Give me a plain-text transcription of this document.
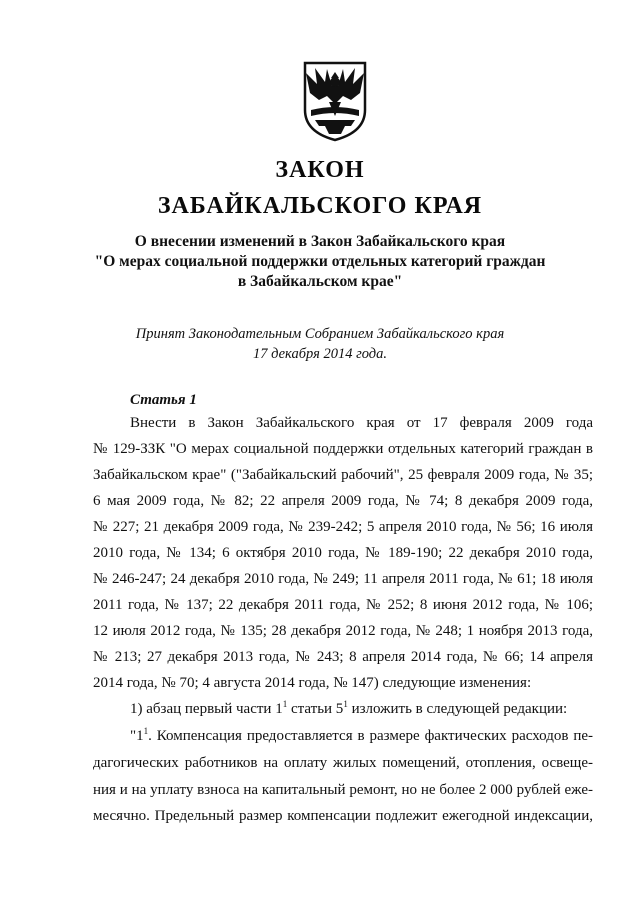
ЗАКОН
ЗАБАЙКАЛЬСКОГО КРАЯ
О внесении изменений в Закон Забайкальского края
"О мерах социальной поддержки отдельных категорий граждан
в Забайкальском крае"
Принят Законодательным Собранием Забайкальского края
17 декабря 2014 года.
Статья 1
Внести в Закон Забайкальского края от 17 февраля 2009 года
№ 129-ЗЗК "О мерах социальной поддержки отдельных категорий граждан в
Забайкальском крае" ("Забайкальский рабочий", 25 февраля 2009 года, № 35;
6 мая 2009 года, № 82; 22 апреля 2009 года, № 74; 8 декабря 2009 года,
№ 227; 21 декабря 2009 года, № 239-242; 5 апреля 2010 года, № 56; 16 июля
2010 года, № 134; 6 октября 2010 года, № 189-190; 22 декабря 2010 года,
№ 246-247; 24 декабря 2010 года, № 249; 11 апреля 2011 года, № 61; 18 июля
2011 года, № 137; 22 декабря 2011 года, № 252; 8 июня 2012 года, № 106;
12 июля 2012 года, № 135; 28 декабря 2012 года, № 248; 1 ноября 2013 года,
№ 213; 27 декабря 2013 года, № 243; 8 апреля 2014 года, № 66; 14 апреля
2014 года, № 70; 4 августа 2014 года, № 147) следующие изменения:
1) абзац первый части $1^1$ статьи $5^1$ изложить в следующей редакции:
"$1^1$. Компенсация предоставляется в размере фактических расходов пе-
дагогических работников на оплату жилых помещений, отопления, освеще-
ния и на уплату взноса на капитальный ремонт, но не более 2 000 рублей еже-
месячно. Предельный размер компенсации подлежит ежегодной индексации,
